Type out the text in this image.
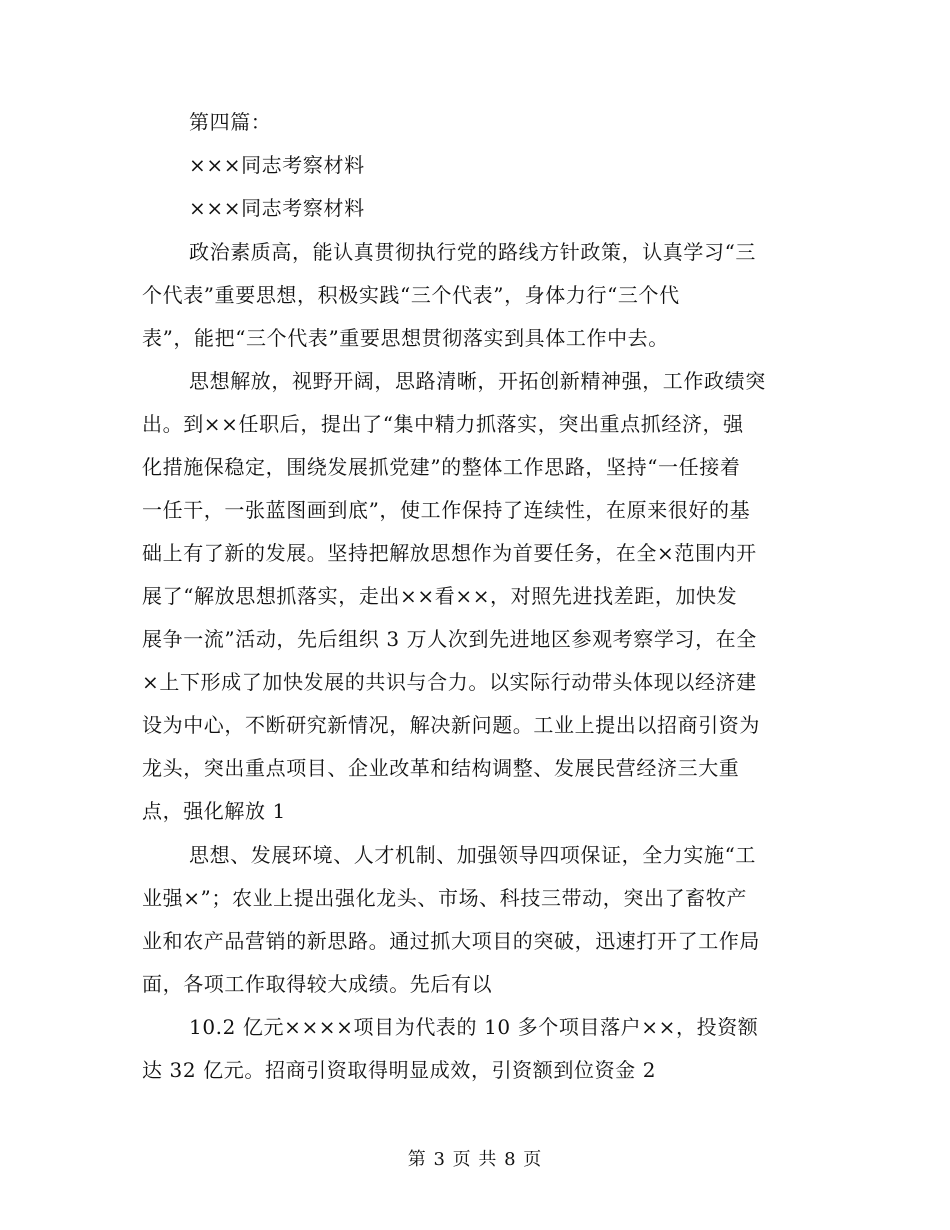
第四篇：
×××同志考察材料
×××同志考察材料
政治素质高，能认真贯彻执行党的路线方针政策，认真学习“三
个代表”重要思想，积极实践“三个代表”，身体力行“三个代
表”，能把“三个代表”重要思想贯彻落实到具体工作中去。
思想解放，视野开阔，思路清晰，开拓创新精神强，工作政绩突
出。到××任职后，提出了“集中精力抓落实，突出重点抓经济，强
化措施保稳定，围绕发展抓党建”的整体工作思路，坚持“一任接着
一任干，一张蓝图画到底”，使工作保持了连续性，在原来很好的基
础上有了新的发展。坚持把解放思想作为首要任务，在全×范围内开
展了“解放思想抓落实，走出××看××，对照先进找差距，加快发
展争一流”活动，先后组织 3 万人次到先进地区参观考察学习，在全
×上下形成了加快发展的共识与合力。以实际行动带头体现以经济建
设为中心，不断研究新情况，解决新问题。工业上提出以招商引资为
龙头，突出重点项目、企业改革和结构调整、发展民营经济三大重
点，强化解放 1
思想、发展环境、人才机制、加强领导四项保证，全力实施“工
业强×”；农业上提出强化龙头、市场、科技三带动，突出了畜牧产
业和农产品营销的新思路。通过抓大项目的突破，迅速打开了工作局
面，各项工作取得较大成绩。先后有以
10.2 亿元××××项目为代表的 10 多个项目落户××，投资额
达 32 亿元。招商引资取得明显成效，引资额到位资金 2
第 3 页 共 8 页
